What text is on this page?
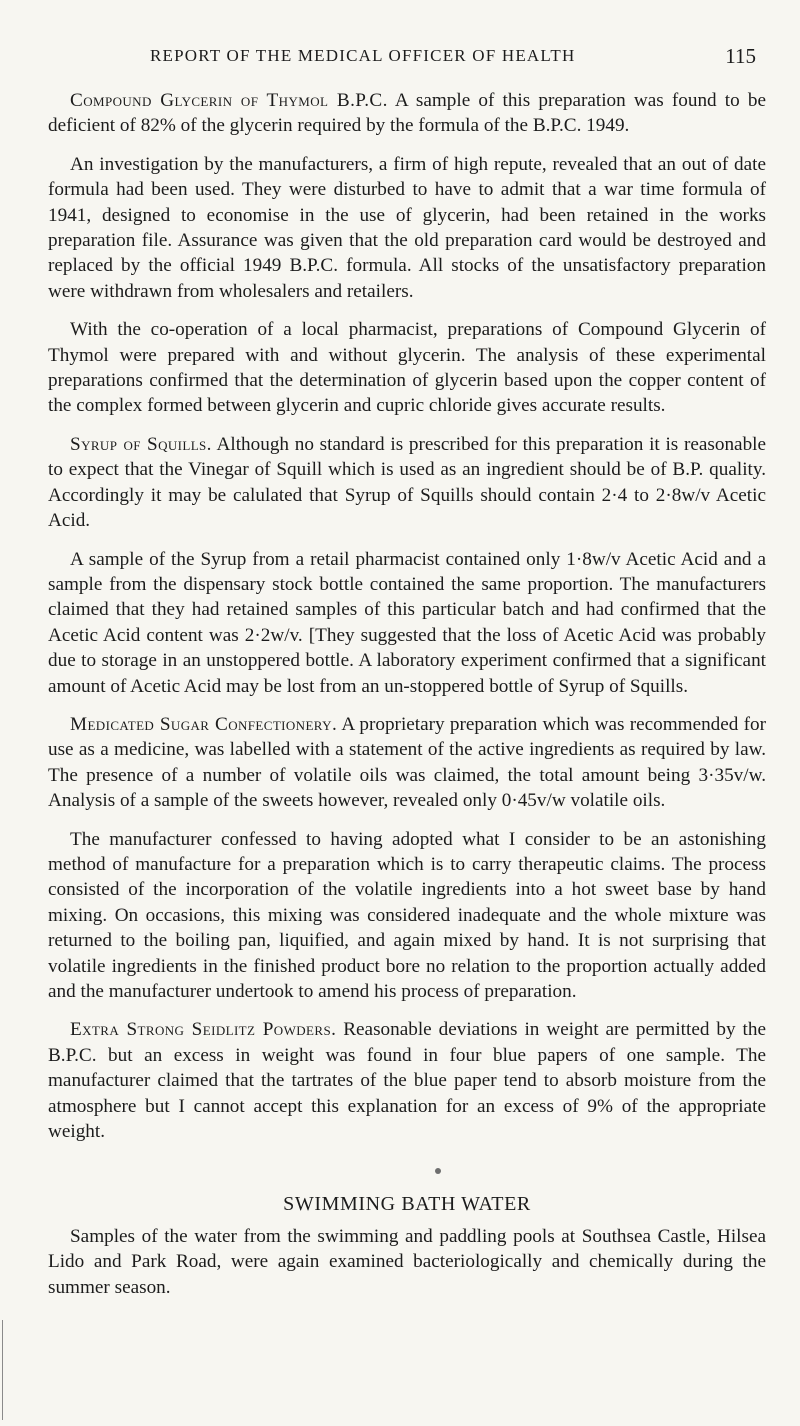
REPORT OF THE MEDICAL OFFICER OF HEALTH	115

Compound Glycerin of Thymol B.P.C. A sample of this preparation was found to be deficient of 82% of the glycerin required by the formula of the B.P.C. 1949.

An investigation by the manufacturers, a firm of high repute, revealed that an out of date formula had been used. They were disturbed to have to admit that a war time formula of 1941, designed to economise in the use of glycerin, had been retained in the works preparation file. Assurance was given that the old preparation card would be destroyed and replaced by the official 1949 B.P.C. formula. All stocks of the unsatisfactory preparation were withdrawn from wholesalers and retailers.

With the co-operation of a local pharmacist, preparations of Compound Glycerin of Thymol were prepared with and without glycerin. The analysis of these experimental preparations confirmed that the determination of glycerin based upon the copper content of the complex formed between glycerin and cupric chloride gives accurate results.

Syrup of Squills. Although no standard is prescribed for this preparation it is reasonable to expect that the Vinegar of Squill which is used as an ingredient should be of B.P. quality. Accordingly it may be calulated that Syrup of Squills should contain 2·4 to 2·8w/v Acetic Acid.

A sample of the Syrup from a retail pharmacist contained only 1·8w/v Acetic Acid and a sample from the dispensary stock bottle contained the same proportion. The manufacturers claimed that they had retained samples of this particular batch and had confirmed that the Acetic Acid content was 2·2w/v. [They suggested that the loss of Acetic Acid was probably due to storage in an unstoppered bottle. A laboratory experiment confirmed that a significant amount of Acetic Acid may be lost from an un-stoppered bottle of Syrup of Squills.

Medicated Sugar Confectionery. A proprietary preparation which was recommended for use as a medicine, was labelled with a statement of the active ingredients as required by law. The presence of a number of volatile oils was claimed, the total amount being 3·35v/w. Analysis of a sample of the sweets however, revealed only 0·45v/w volatile oils.

The manufacturer confessed to having adopted what I consider to be an astonishing method of manufacture for a preparation which is to carry therapeutic claims. The process consisted of the incorporation of the volatile ingredients into a hot sweet base by hand mixing. On occasions, this mixing was considered inadequate and the whole mixture was returned to the boiling pan, liquified, and again mixed by hand. It is not surprising that volatile ingredients in the finished product bore no relation to the proportion actually added and the manufacturer undertook to amend his process of preparation.

Extra Strong Seidlitz Powders. Reasonable deviations in weight are permitted by the B.P.C. but an excess in weight was found in four blue papers of one sample. The manufacturer claimed that the tartrates of the blue paper tend to absorb moisture from the atmosphere but I cannot accept this explanation for an excess of 9% of the appropriate weight.

SWIMMING BATH WATER

Samples of the water from the swimming and paddling pools at Southsea Castle, Hilsea Lido and Park Road, were again examined bacteriologically and chemically during the summer season.
